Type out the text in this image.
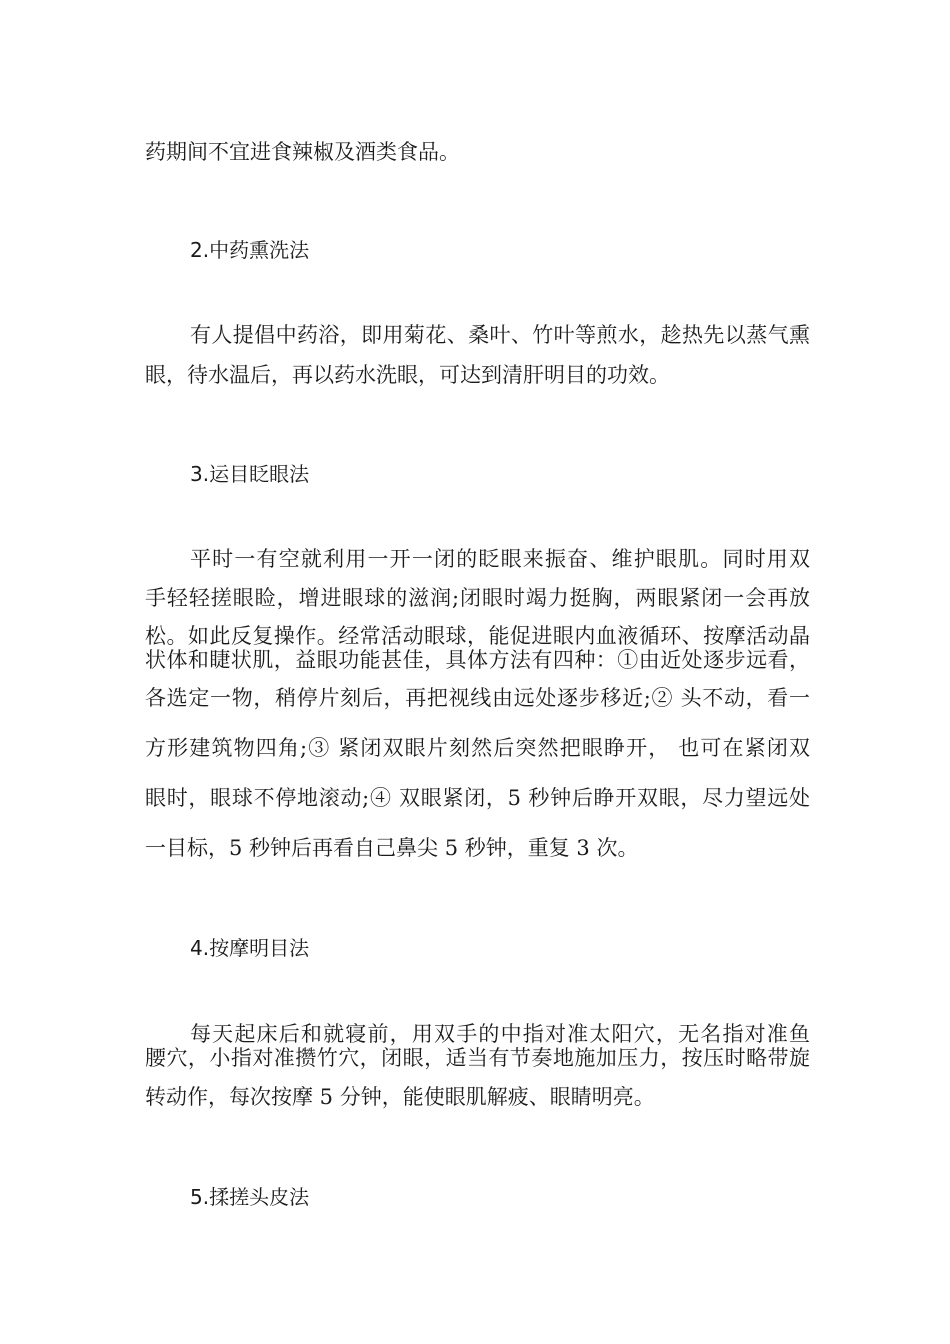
药期间不宜进食辣椒及酒类食品。
2.中药熏洗法
有人提倡中药浴，即用菊花、桑叶、竹叶等煎水，趁热先以蒸气熏
眼，待水温后，再以药水洗眼，可达到清肝明目的功效。
3.运目眨眼法
平时一有空就利用一开一闭的眨眼来振奋、维护眼肌。同时用双
手轻轻搓眼睑，增进眼球的滋润;闭眼时竭力挺胸，两眼紧闭一会再放
松。如此反复操作。经常活动眼球，能促进眼内血液循环、按摩活动晶
状体和睫状肌，益眼功能甚佳，具体方法有四种：①由近处逐步远看，
各选定一物，稍停片刻后，再把视线由远处逐步移近;② 头不动，看一
方形建筑物四角;③ 紧闭双眼片刻然后突然把眼睁开， 也可在紧闭双
眼时，眼球不停地滚动;④ 双眼紧闭，5 秒钟后睁开双眼，尽力望远处
一目标，5 秒钟后再看自己鼻尖 5 秒钟，重复 3 次。
4.按摩明目法
每天起床后和就寝前，用双手的中指对准太阳穴，无名指对准鱼
腰穴，小指对准攒竹穴，闭眼，适当有节奏地施加压力，按压时略带旋
转动作，每次按摩 5 分钟，能使眼肌解疲、眼睛明亮。
5.揉搓头皮法
